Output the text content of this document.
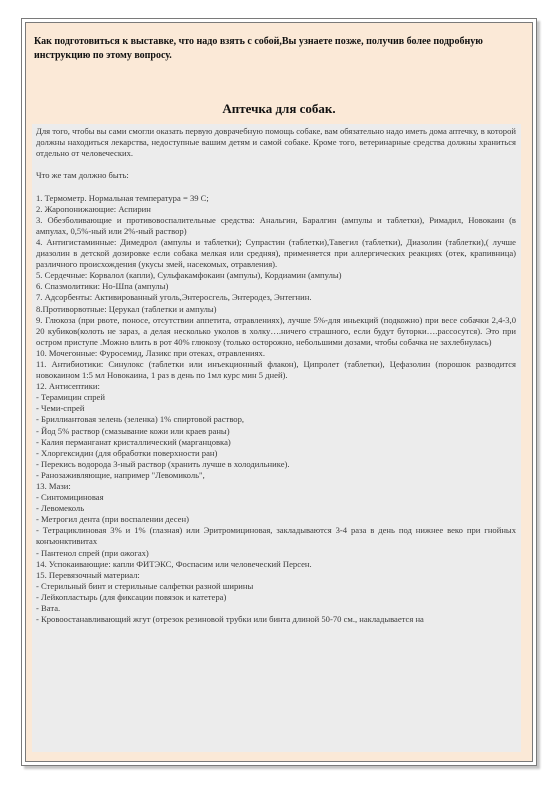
Как подготовиться к выставке, что надо взять с собой,Вы узнаете позже, получив более подробную инструкцию по этому вопросу.
Аптечка для собак.
Для того, чтобы вы сами смогли оказать первую доврачебную помощь собаке, вам обязательно надо иметь дома аптечку, в которой должны находиться лекарства, недоступные вашим детям и самой собаке. Кроме того, ветеринарные средства должны храниться отдельно от человеческих.
Что же там должно быть:
1. Термометр. Нормальная температура = 39 С;
2. Жаропонижающие: Аспирин
3. Обезболивающие и противовоспалительные средства: Анальгин, Баралгин (ампулы и таблетки), Римадил, Новокаин (в ампулах, 0,5%-ный или 2%-ный раствор)
4. Антигистаминные: Димедрол (ампулы и таблетки); Супрастин (таблетки),Тавегил (таблетки), Диазолин (таблетки),( лучше диазолин в детской дозировке если собака мелкая или средняя), применяется при аллергических реакциях (отек, крапивница) различного происхождения (укусы змей, насекомых, отравления).
5. Сердечные: Корвалол (капли), Сульфакамфокаин (ампулы), Кордиамин (ампулы)
6. Спазмолитики: Но-Шпа (ампулы)
7. Адсорбенты: Активированный уголь,Энтеросгель, Энтеродез, Энтегнин.
8.Противорвотные: Церукал (таблетки и ампулы)
9. Глюкоза (при рвоте, поносе, отсутствии аппетита, отравлениях), лучше 5%-для иньекций (подкожно) при весе собачки 2,4-3,0 20 кубиков(колоть не зараз, а делая несколько уколов в холку….ничего страшного, если будут буторки….рассосутся). Это при остром приступе .Можно влить в рот 40% глюкозу (только осторожно, небольшими дозами, чтобы собачка не захлебнулась)
10. Мочегонные: Фуросемид, Лазикс при отеках, отравлениях.
11. Антибиотики: Синулокс (таблетки или инъекционный флакон), Ципролет (таблетки), Цефазолин (порошок разводится новокаином 1:5 мл Новокаина, 1 раз в день по 1мл курс мин 5 дней).
12. Антисептики:
- Терамицин спрей
- Чеми-спрей
- Бриллиантовая зелень (зеленка) 1% спиртовой раствор,
- Йод 5% раствор (смазывание кожи или краев раны)
- Калия перманганат кристаллический (марганцовка)
- Хлоргексидин (для обработки поверхности ран)
- Перекись водорода 3-ный раствор (хранить лучше в холодильнике).
- Ранозаживляющие, например "Левомиколь",
13. Мази:
- Синтомициновая
- Левомеколь
- Метрогил дента (при воспалении десен)
- Тетрациклиновая 3% и 1% (глазная) или Эритромициновая, закладываются 3-4 раза в день под нижнее веко при гнойных конъюнктивитах
- Пантенол спрей (при ожогах)
14. Успокаивающие: капли ФИТЭКС, Фоспасим или человеческий Персен.
15. Перевязочный материал:
- Стерильный бинт и стерильные салфетки разной ширины
- Лейкопластырь (для фиксации повязок и катетера)
- Вата.
- Кровоостанавливающий жгут (отрезок резиновой трубки или бинта длиной 50-70 см., накладывается на
